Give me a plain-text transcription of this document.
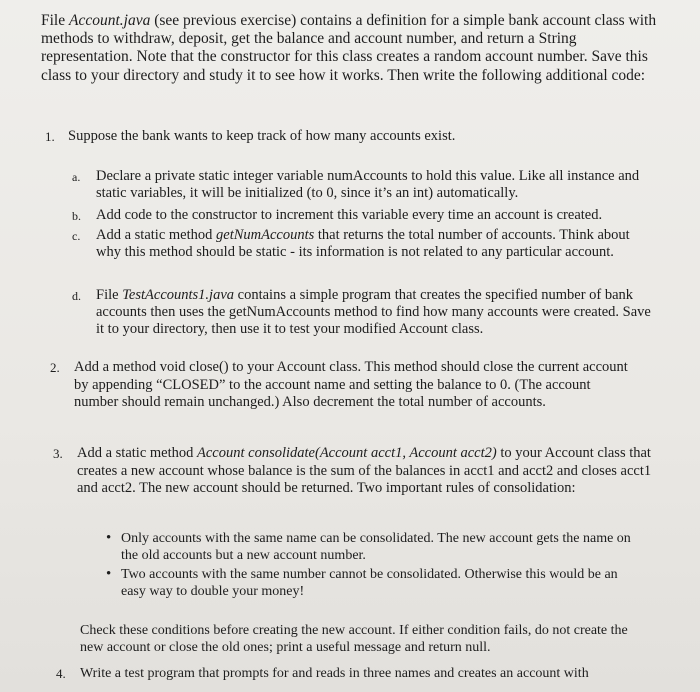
File Account.java (see previous exercise) contains a definition for a simple bank account class with methods to withdraw, deposit, get the balance and account number, and return a String representation. Note that the constructor for this class creates a random account number. Save this class to your directory and study it to see how it works. Then write the following additional code:

1. Suppose the bank wants to keep track of how many accounts exist.

a. Declare a private static integer variable numAccounts to hold this value. Like all instance and static variables, it will be initialized (to 0, since it’s an int) automatically.

b. Add code to the constructor to increment this variable every time an account is created.

c. Add a static method getNumAccounts that returns the total number of accounts. Think about why this method should be static - its information is not related to any particular account.

d. File TestAccounts1.java contains a simple program that creates the specified number of bank accounts then uses the getNumAccounts method to find how many accounts were created. Save it to your directory, then use it to test your modified Account class.

2. Add a method void close() to your Account class. This method should close the current account by appending “CLOSED” to the account name and setting the balance to 0. (The account number should remain unchanged.) Also decrement the total number of accounts.

3. Add a static method Account consolidate(Account acct1, Account acct2) to your Account class that creates a new account whose balance is the sum of the balances in acct1 and acct2 and closes acct1 and acct2. The new account should be returned. Two important rules of consolidation:

• Only accounts with the same name can be consolidated. The new account gets the name on the old accounts but a new account number.

• Two accounts with the same number cannot be consolidated. Otherwise this would be an easy way to double your money!

Check these conditions before creating the new account. If either condition fails, do not create the new account or close the old ones; print a useful message and return null.

4. Write a test program that prompts for and reads in three names and creates an account with
